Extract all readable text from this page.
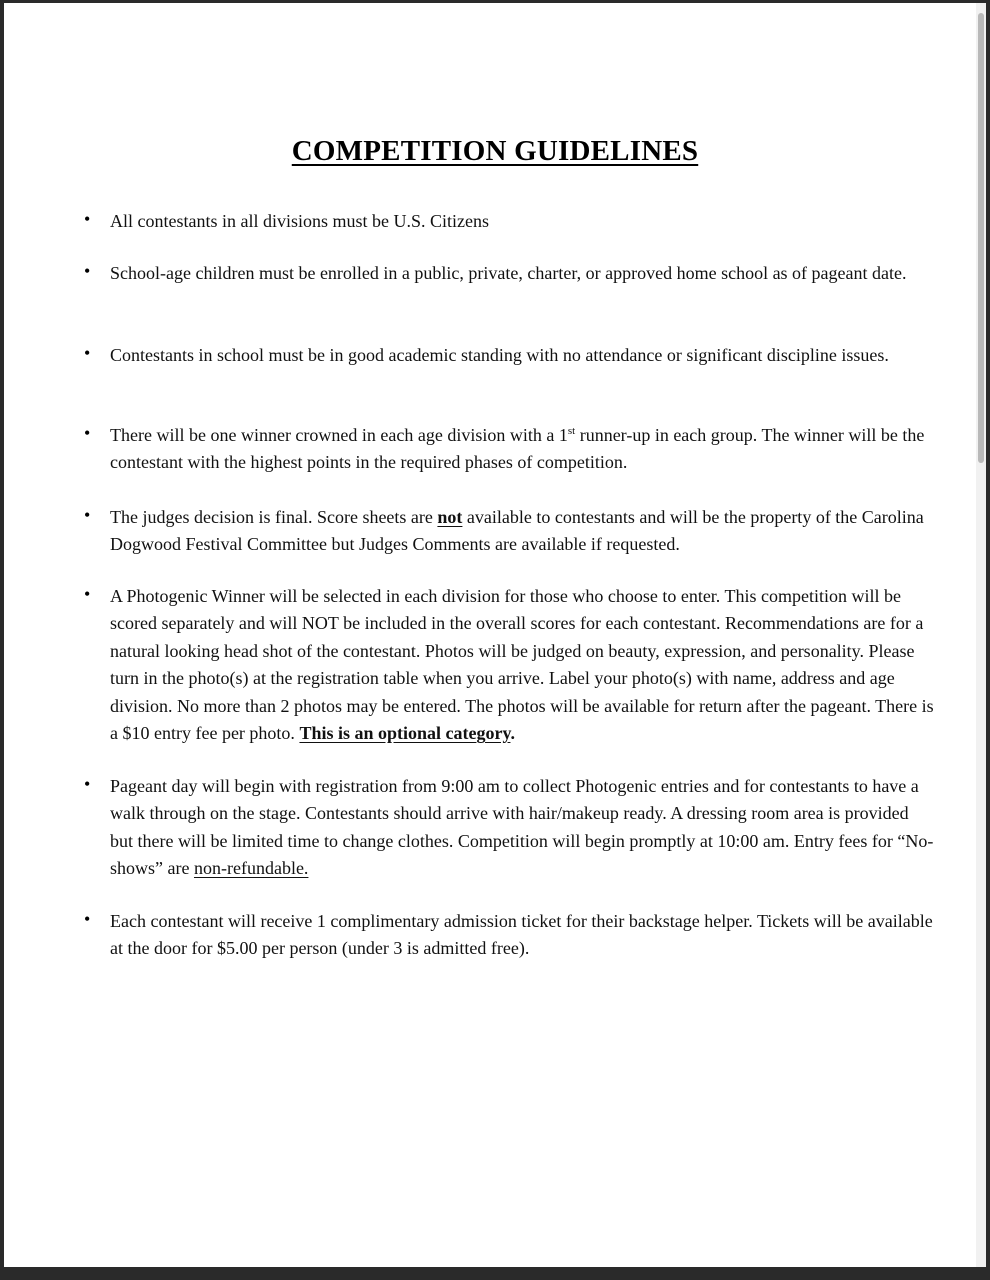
COMPETITION GUIDELINES
• All contestants in all divisions must be U.S. Citizens
• School-age children must be enrolled in a public, private, charter, or approved home school as of pageant date.
• Contestants in school must be in good academic standing with no attendance or significant discipline issues.
• There will be one winner crowned in each age division with a 1st runner-up in each group. The winner will be the contestant with the highest points in the required phases of competition.
• The judges decision is final. Score sheets are not available to contestants and will be the property of the Carolina Dogwood Festival Committee but Judges Comments are available if requested.
• A Photogenic Winner will be selected in each division for those who choose to enter. This competition will be scored separately and will NOT be included in the overall scores for each contestant. Recommendations are for a natural looking head shot of the contestant. Photos will be judged on beauty, expression, and personality. Please turn in the photo(s) at the registration table when you arrive. Label your photo(s) with name, address and age division. No more than 2 photos may be entered. The photos will be available for return after the pageant. There is a $10 entry fee per photo. This is an optional category.
• Pageant day will begin with registration from 9:00 am to collect Photogenic entries and for contestants to have a walk through on the stage. Contestants should arrive with hair/makeup ready. A dressing room area is provided but there will be limited time to change clothes. Competition will begin promptly at 10:00 am. Entry fees for “No-shows” are non-refundable.
• Each contestant will receive 1 complimentary admission ticket for their backstage helper. Tickets will be available at the door for $5.00 per person (under 3 is admitted free).
